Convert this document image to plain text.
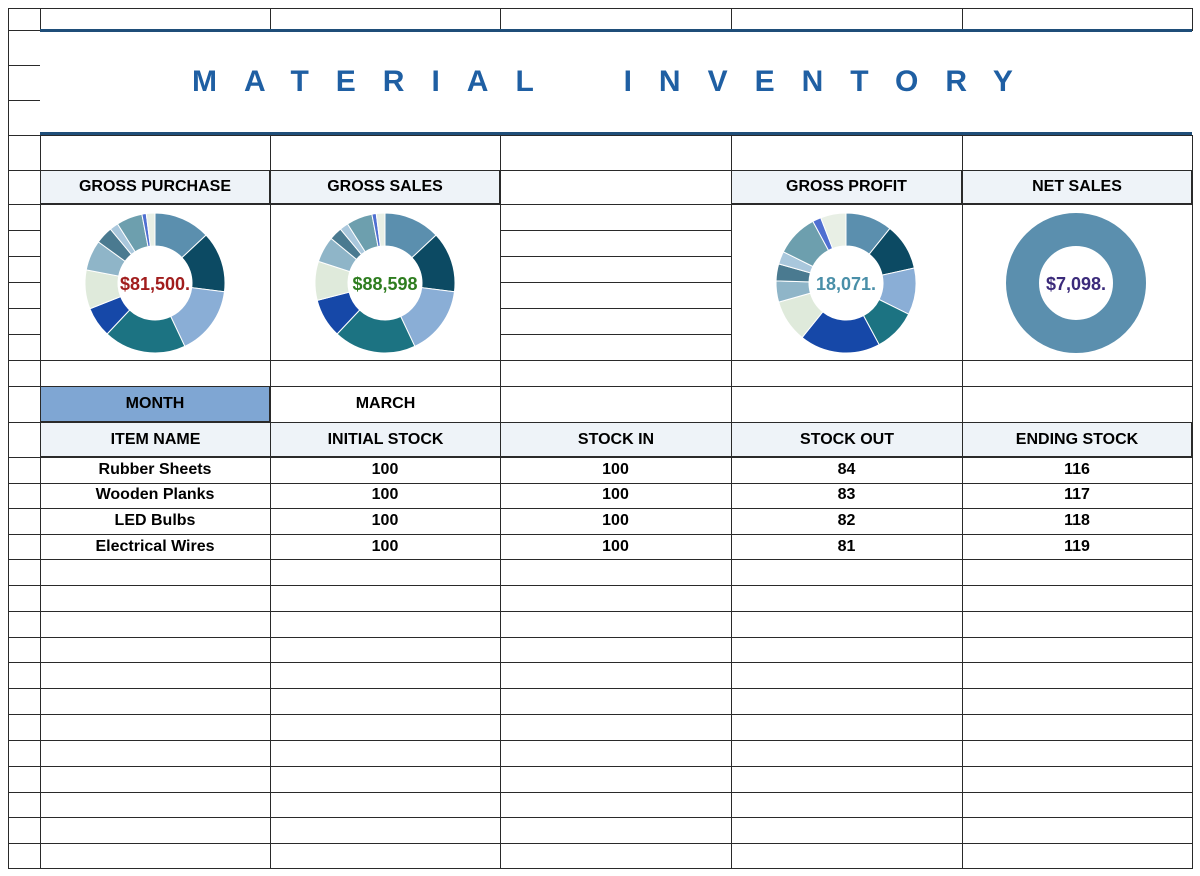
MATERIAL INVENTORY
GROSS PURCHASE	GROSS SALES	GROSS PROFIT	NET SALES
$81,500.	$88,598	18,071.	$7,098.
MONTH	MARCH
ITEM NAME	INITIAL STOCK	STOCK IN	STOCK OUT	ENDING STOCK
Rubber Sheets	100	100	84	116
Wooden Planks	100	100	83	117
LED Bulbs	100	100	82	118
Electrical Wires	100	100	81	119
